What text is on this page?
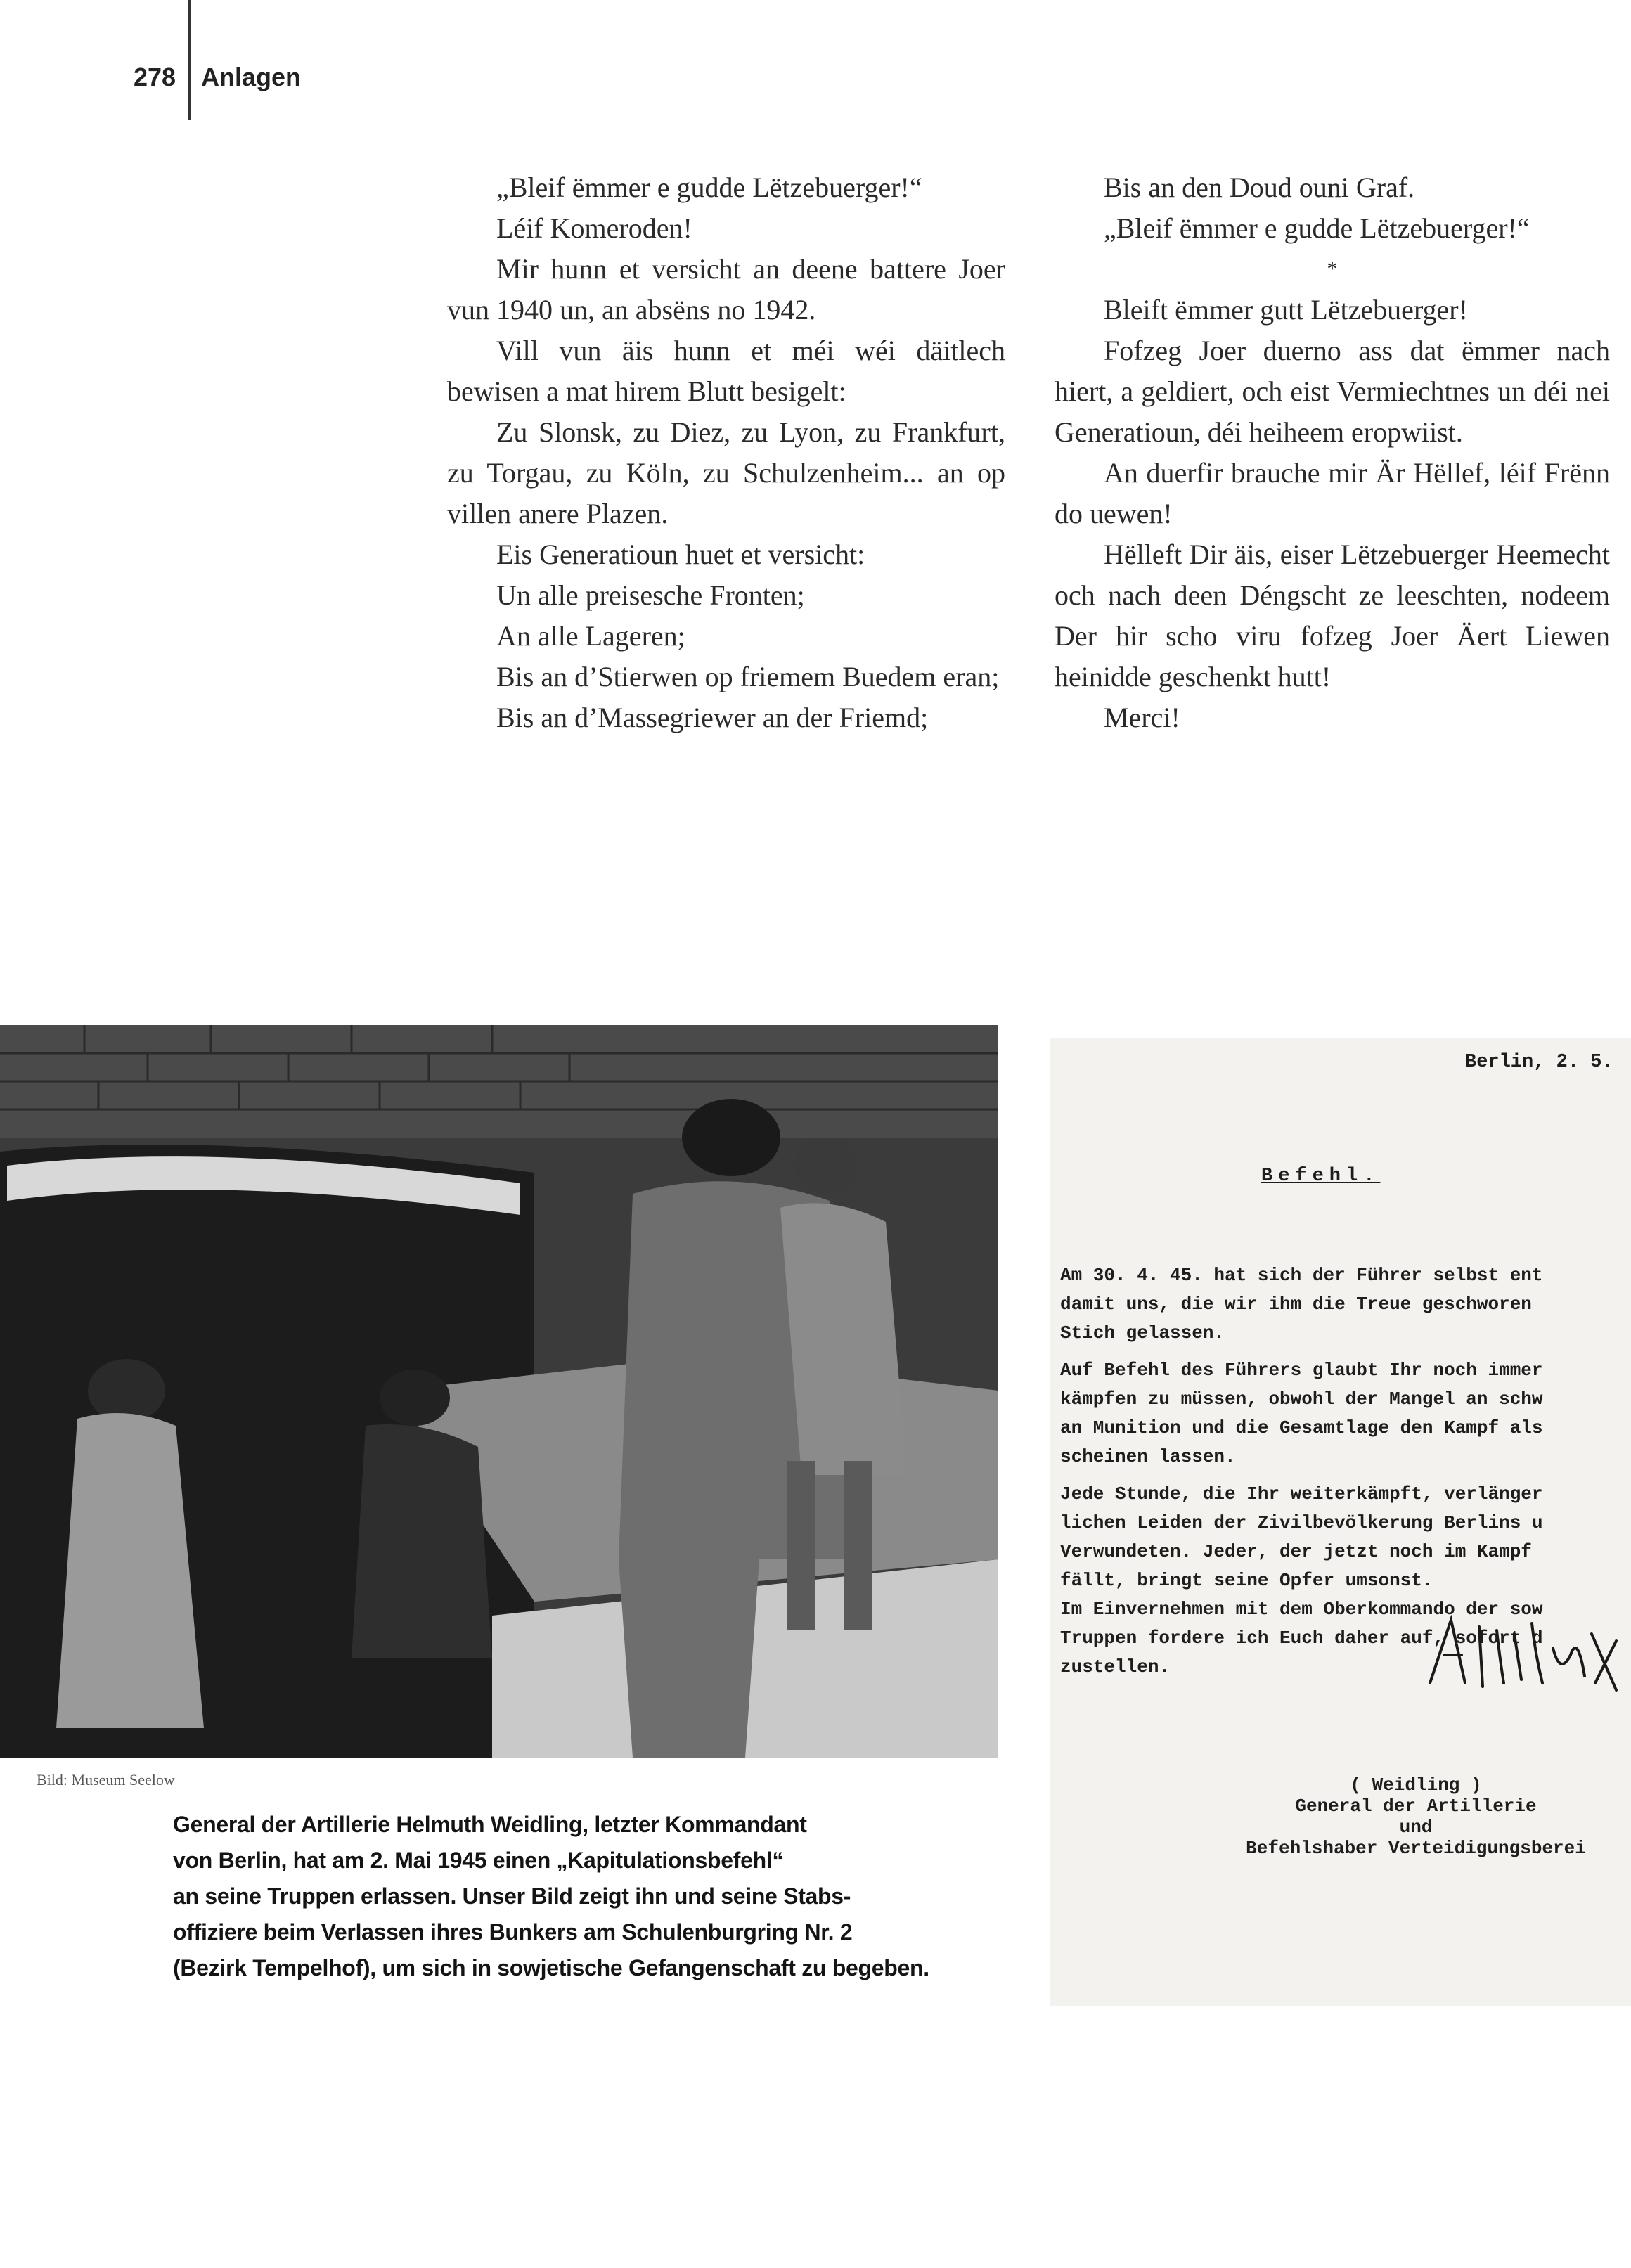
278 Anlagen

„Bleif ëmmer e gudde Lëtzebuerger!“

Léif Komeroden!

Mir hunn et versicht an deene battere Joer vun 1940 un, an absëns no 1942.

Vill vun äis hunn et méi wéi däitlech bewisen a mat hirem Blutt besigelt:

Zu Slonsk, zu Diez, zu Lyon, zu Frankfurt, zu Torgau, zu Köln, zu Schulzenheim... an op villen anere Plazen.

Eis Generatioun huet et versicht:

Un alle preisesche Fronten;

An alle Lageren;

Bis an d’Stierwen op friemem Buedem eran;

Bis an d’Massegriewer an der Friemd;

Bis an den Doud ouni Graf.

„Bleif ëmmer e gudde Lëtzebuerger!“

*

Bleift ëmmer gutt Lëtzebuerger!

Fofzeg Joer duerno ass dat ëmmer nach hiert, a geldiert, och eist Vermiechtnes un déi nei Generatioun, déi heiheem eropwiist.

An duerfir brauche mir Är Hëllef, léif Frënn do uewen!

Hëlleft Dir äis, eiser Lëtzebuerger Heemecht och nach deen Déngscht ze leeschten, nodeem Der hir scho viru fofzeg Joer Äert Liewen heinidde geschenkt hutt!

Merci!

Bild: Museum Seelow
General der Artillerie Helmuth Weidling, letzter Kommandant
von Berlin, hat am 2. Mai 1945 einen „Kapitulationsbefehl“
an seine Truppen erlassen. Unser Bild zeigt ihn und seine Stabs-
offiziere beim Verlassen ihres Bunkers am Schulenburgring Nr. 2
(Bezirk Tempelhof), um sich in sowjetische Gefangenschaft zu begeben.
Berlin, 2. 5.
Befehl.
Am 30. 4. 45. hat sich der Führer selbst ent
damit uns, die wir ihm die Treue geschworen
Stich gelassen.
Auf Befehl des Führers glaubt Ihr noch immer
kämpfen zu müssen, obwohl der Mangel an schw
an Munition und die Gesamtlage den Kampf als
scheinen lassen.
Jede Stunde, die Ihr weiterkämpft, verlänger
lichen Leiden der Zivilbevölkerung Berlins u
Verwundeten. Jeder, der jetzt noch im Kampf
fällt, bringt seine Opfer umsonst.
Im Einvernehmen mit dem Oberkommando der sow
Truppen fordere ich Euch daher auf, sofort d
zustellen.
( Weidling )
General der Artillerie
und
Befehlshaber Verteidigungsberei
